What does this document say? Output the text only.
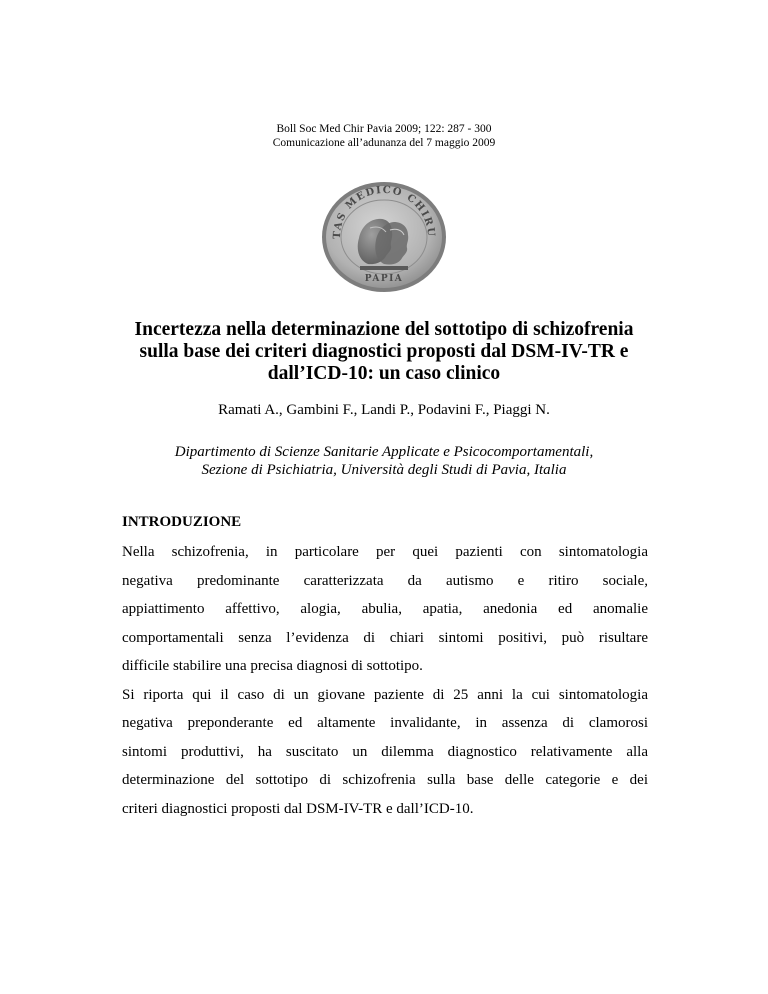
Boll Soc Med Chir Pavia 2009; 122: 287 - 300
Comunicazione all’adunanza del 7 maggio 2009
TAS MEDICO CHIRU
PAPIA
Incertezza nella determinazione del sottotipo di schizofrenia
sulla base dei criteri diagnostici proposti dal DSM-IV-TR e
dall’ICD-10: un caso clinico
Ramati A., Gambini F., Landi P., Podavini F., Piaggi N.
Dipartimento di Scienze Sanitarie Applicate e Psicocomportamentali,
Sezione di Psichiatria, Università degli Studi di Pavia, Italia
INTRODUZIONE
Nella schizofrenia, in particolare per quei pazienti con sintomatologia
negativa predominante caratterizzata da autismo e ritiro sociale,
appiattimento affettivo, alogia, abulia, apatia, anedonia ed anomalie
comportamentali senza l’evidenza di chiari sintomi positivi, può risultare
difficile stabilire una precisa diagnosi di sottotipo.
Si riporta qui il caso di un giovane paziente di 25 anni la cui sintomatologia
negativa preponderante ed altamente invalidante, in assenza di clamorosi
sintomi produttivi, ha suscitato un dilemma diagnostico relativamente alla
determinazione del sottotipo di schizofrenia sulla base delle categorie e dei
criteri diagnostici proposti dal DSM-IV-TR e dall’ICD-10.
